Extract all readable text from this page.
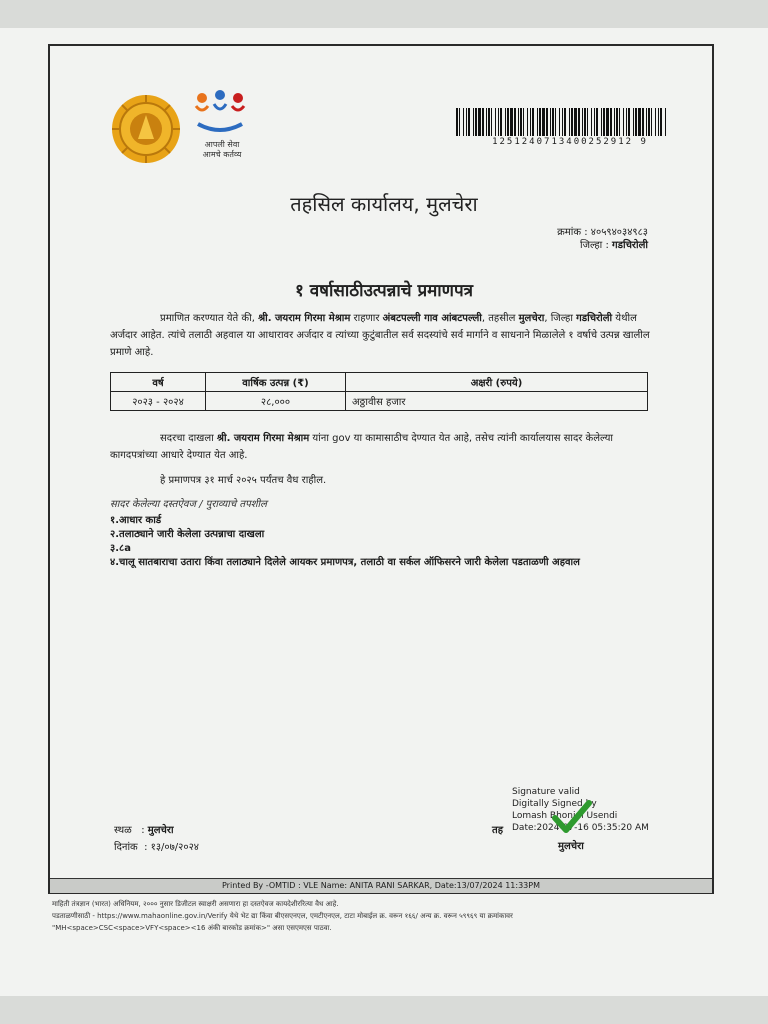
आपली सेवा
आमचे कर्तव्य
1251240713400252912 9
तहसिल कार्यालय, मुलचेरा
क्रमांक : ४०५९४०३४९८३
जिल्हा : गडचिरोली
१ वर्षासाठीउत्पन्नाचे प्रमाणपत्र
प्रमाणित करण्यात येते की, श्री. जयराम गिरमा मेश्राम राहणार अंबटपल्ली गाव आंबटपल्ली, तहसील मुलचेरा, जिल्हा गडचिरोली येथील अर्जदार आहेत. त्यांचे तलाठी अहवाल या आधारावर अर्जदार व त्यांच्या कुटुंबातील सर्व सदस्यांचे सर्व मार्गाने व साधनाने मिळालेले १ वर्षाचे उत्पन्न खालील प्रमाणे आहे.
वर्ष	वार्षिक उत्पन्न (₹)	अक्षरी (रुपये)
२०२३ - २०२४	२८,०००	अठ्ठावीस हजार
सदरचा दाखला श्री. जयराम गिरमा मेश्राम यांना gov या कामासाठीच देण्यात येत आहे, तसेच त्यांनी कार्यालयास सादर केलेल्या कागदपत्रांच्या आधारे देण्यात येत आहे.
हे प्रमाणपत्र ३१ मार्च २०२५ पर्यंतच वैध राहील.
सादर केलेल्या दस्तऐवज / पुराव्याचे तपशील
१.आधार कार्ड
२.तलाठ्याने जारी केलेला उत्पन्नाचा दाखला
३.८a
४.चालू सातबाराचा उतारा किंवा तलाठ्याने दिलेले आयकर प्रमाणपत्र, तलाठी वा सर्कल ऑफिसरने जारी केलेला पडताळणी अहवाल
Signature valid
Digitally Signed by
Lomash Bhonjul Usendi
Date:2024-07-16 05:35:20 AM
तह
मुलचेरा
स्थळ   : मुलचेरा
दिनांक  : १३/०७/२०२४
Printed By -OMTID : VLE Name: ANITA RANI SARKAR, Date:13/07/2024 11:33PM
माहिती तंत्रज्ञान (भारत) अधिनियम, २००० नुसार डिजीटल स्वाक्षरी असणारा हा दस्तऐवज कायदेशीररित्या वैध आहे.
पडताळणीसाठी - https://www.mahaonline.gov.in/Verify येथे भेट द्या किंवा बीएसएनएल, एमटीएनएल, टाटा मोबाईल क्र. वरून १६६/ अन्य क्र. वरून ५९९६९ या क्रमांकावर
"MH<space>CSC<space>VFY<space><16 अंकी बारकोड क्रमांक>" असा एसएमएस पाठवा.
